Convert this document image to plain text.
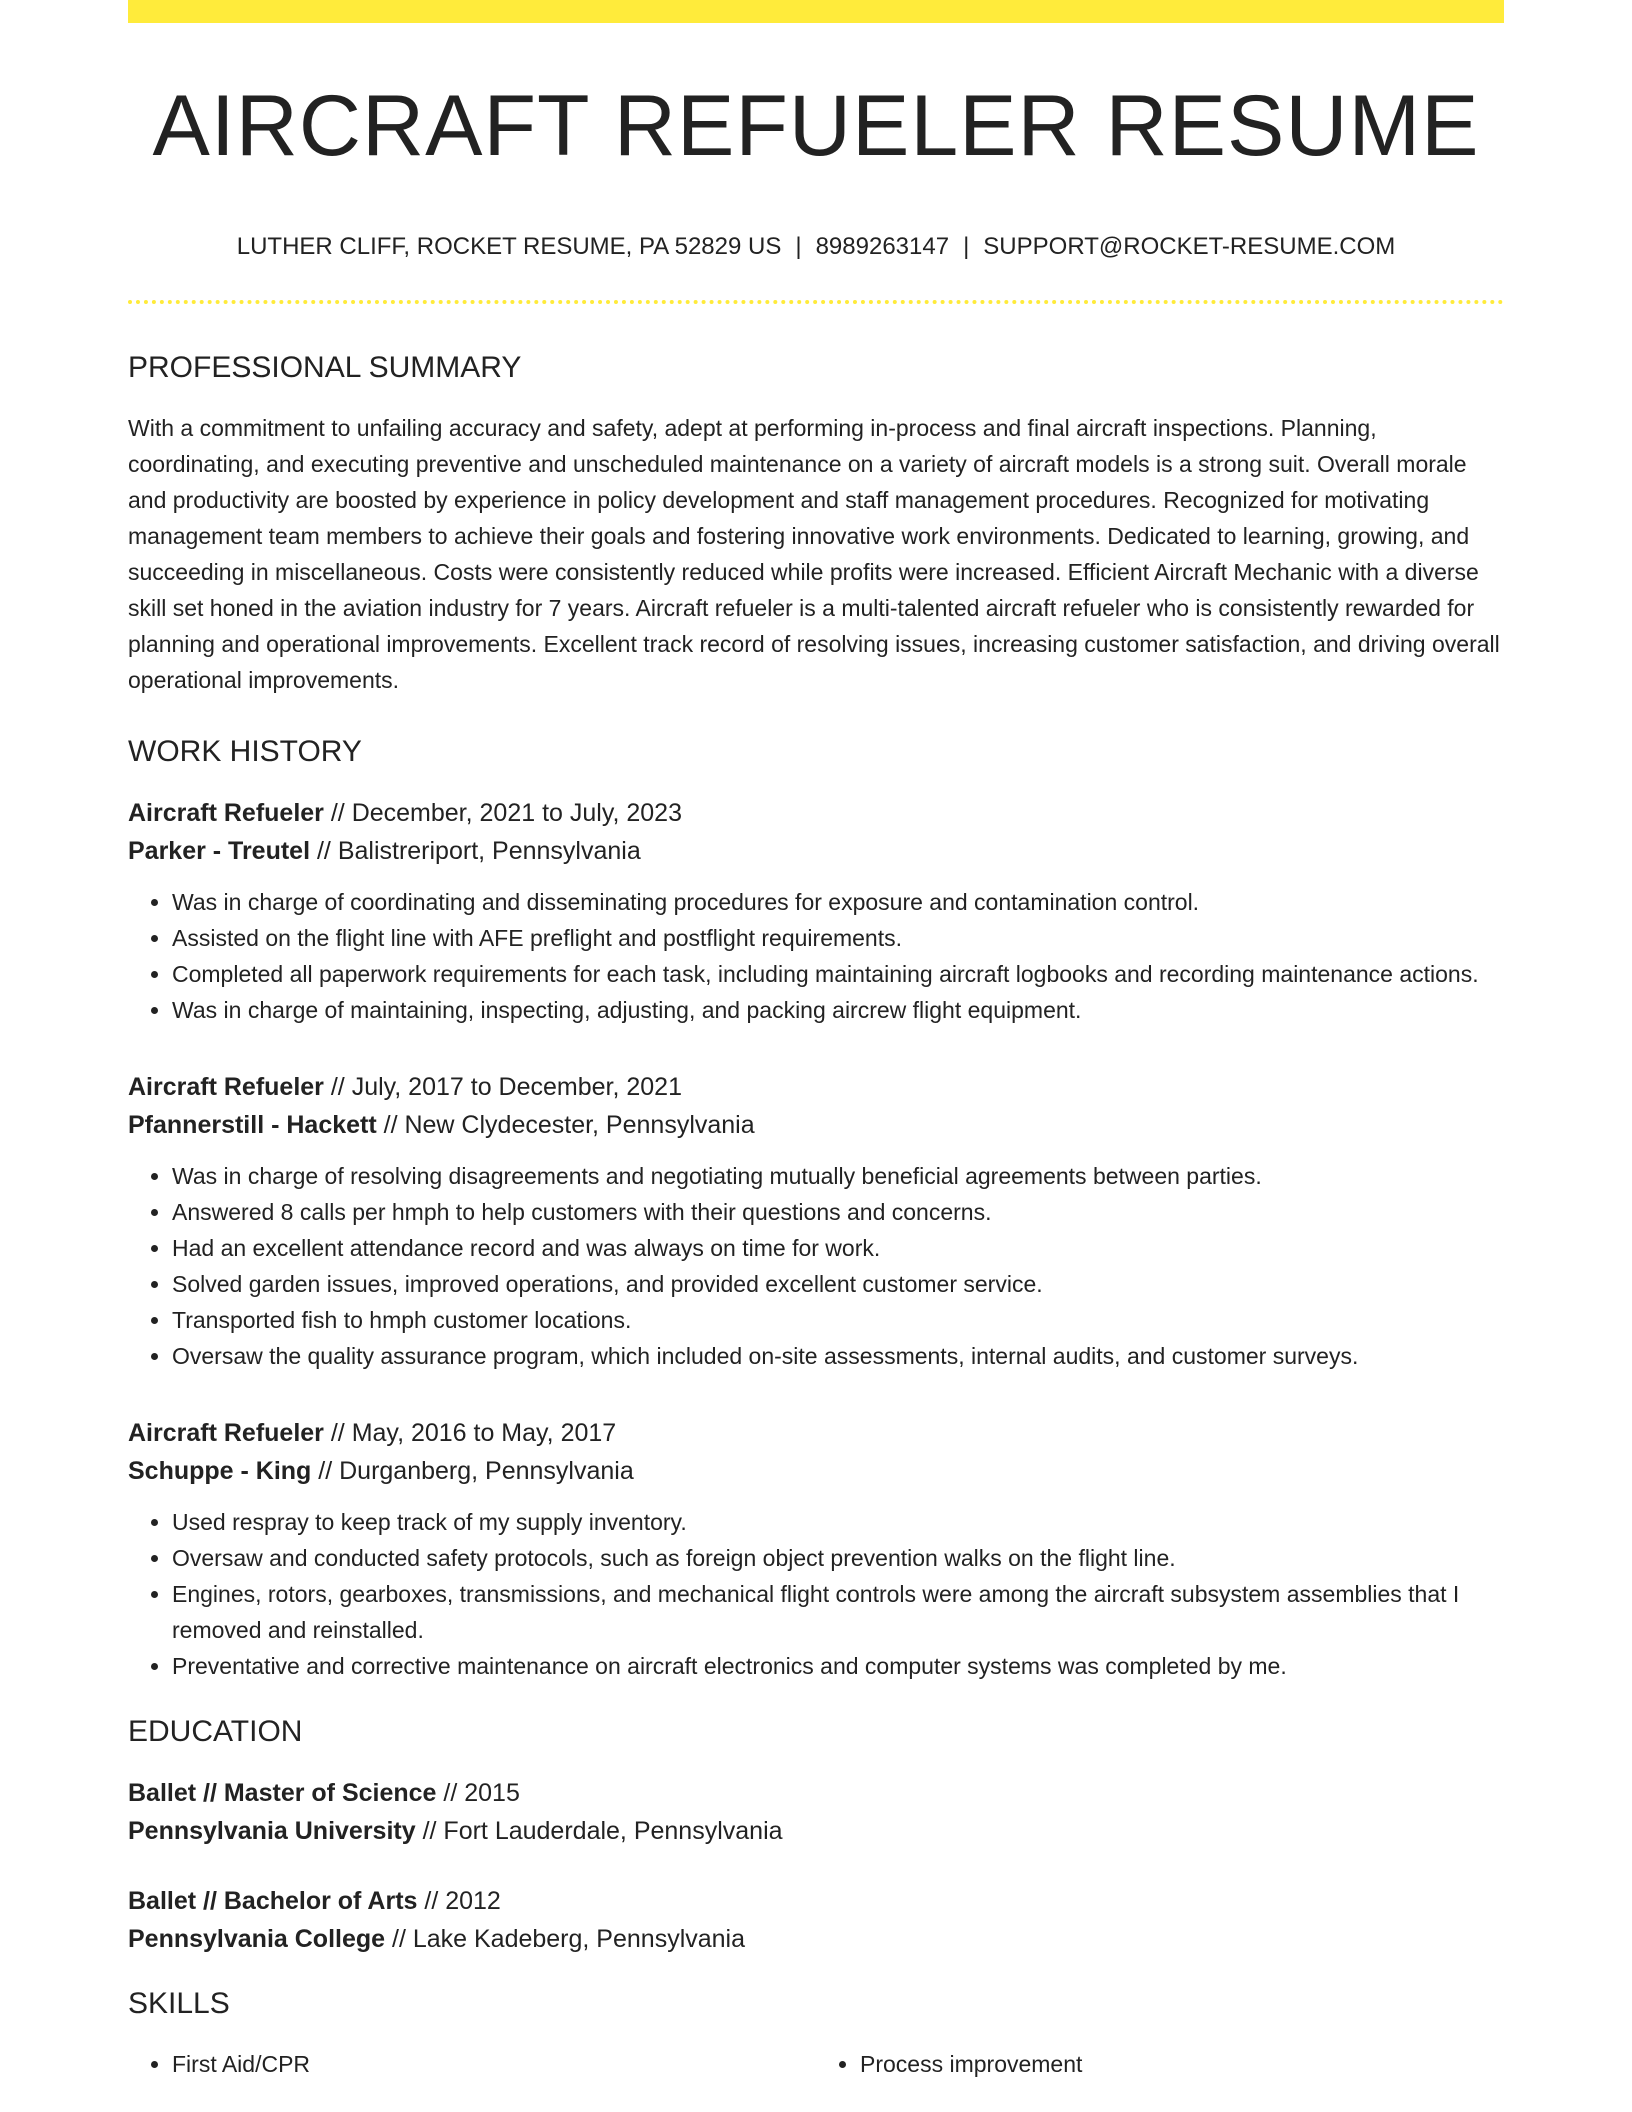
AIRCRAFT REFUELER RESUME
LUTHER CLIFF, ROCKET RESUME, PA 52829 US | 8989263147 | SUPPORT@ROCKET-RESUME.COM
PROFESSIONAL SUMMARY

With a commitment to unfailing accuracy and safety, adept at performing in-process and final aircraft inspections. Planning, coordinating, and executing preventive and unscheduled maintenance on a variety of aircraft models is a strong suit. Overall morale and productivity are boosted by experience in policy development and staff management procedures. Recognized for motivating management team members to achieve their goals and fostering innovative work environments. Dedicated to learning, growing, and succeeding in miscellaneous. Costs were consistently reduced while profits were increased. Efficient Aircraft Mechanic with a diverse skill set honed in the aviation industry for 7 years. Aircraft refueler is a multi-talented aircraft refueler who is consistently rewarded for planning and operational improvements. Excellent track record of resolving issues, increasing customer satisfaction, and driving overall operational improvements.

WORK HISTORY
Aircraft Refueler // December, 2021 to July, 2023
Parker - Treutel // Balistreriport, Pennsylvania
• Was in charge of coordinating and disseminating procedures for exposure and contamination control.
• Assisted on the flight line with AFE preflight and postflight requirements.
• Completed all paperwork requirements for each task, including maintaining aircraft logbooks and recording maintenance actions.
• Was in charge of maintaining, inspecting, adjusting, and packing aircrew flight equipment.
Aircraft Refueler // July, 2017 to December, 2021
Pfannerstill - Hackett // New Clydecester, Pennsylvania
• Was in charge of resolving disagreements and negotiating mutually beneficial agreements between parties.
• Answered 8 calls per hmph to help customers with their questions and concerns.
• Had an excellent attendance record and was always on time for work.
• Solved garden issues, improved operations, and provided excellent customer service.
• Transported fish to hmph customer locations.
• Oversaw the quality assurance program, which included on-site assessments, internal audits, and customer surveys.
Aircraft Refueler // May, 2016 to May, 2017
Schuppe - King // Durganberg, Pennsylvania
• Used respray to keep track of my supply inventory.
• Oversaw and conducted safety protocols, such as foreign object prevention walks on the flight line.
• Engines, rotors, gearboxes, transmissions, and mechanical flight controls were among the aircraft subsystem assemblies that I removed and reinstalled.
• Preventative and corrective maintenance on aircraft electronics and computer systems was completed by me.
EDUCATION
Ballet // Master of Science // 2015
Pennsylvania University // Fort Lauderdale, Pennsylvania
Ballet // Bachelor of Arts // 2012
Pennsylvania College // Lake Kadeberg, Pennsylvania
SKILLS
• First Aid/CPR
•	Process improvement
